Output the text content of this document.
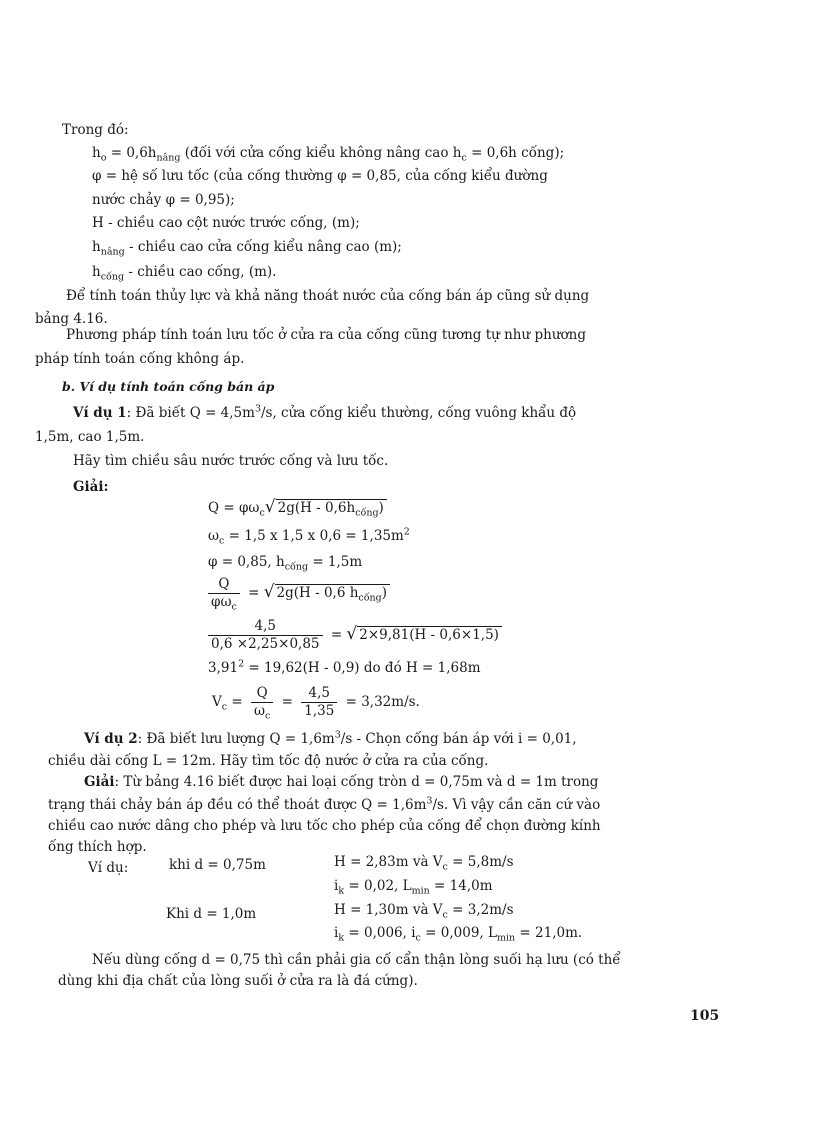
Trong đó:
$h_o = 0,6h_{nâng}$ (đối với cửa cống kiểu không nâng cao $h_c = 0,6h$ cống);
φ = hệ số lưu tốc (của cống thường φ = 0,85, của cống kiểu đường
nước chảy φ = 0,95);
H - chiều cao cột nước trước cống, (m);
$h_{nâng}$ - chiều cao cửa cống kiểu nâng cao (m);
$h_{cống}$ - chiều cao cống, (m).
Để tính toán thủy lực và khả năng thoát nước của cống bán áp cũng sử dụng
bảng 4.16.
Phương pháp tính toán lưu tốc ở cửa ra của cống cũng tương tự như phương
pháp tính toán cống không áp.
b. Ví dụ tính toán cống bán áp
Ví dụ 1: Đã biết $Q = 4,5m^3/s$, cửa cống kiểu thường, cống vuông khẩu độ
1,5m, cao 1,5m.
Hãy tìm chiều sâu nước trước cống và lưu tốc.
Giải:
$Q = \varphi\omega_c√$ $2g(H - 0,6h_{cống})$
$\omega_c = 1,5$ x 1,5 x $0,6 = 1,35m^2$
φ = 0,85, $h_{cống} = 1,5m$
$\frac{Q}{\varphi\omega_c}$ = √ 2g(H - 0,6 $h_{cống}$)
$\frac{4,5}{0,6 \times 2,25\times 0,85}$ = √ 2×9,81(H - 0,6×1,5)
$3,91^2 = 19,62(H - 0,9)$ do đó H = 1,68m
$V_c = \frac{Q}{\omega_c} = \frac{4,5}{1,35} = 3,32m/s$.
Ví dụ 2: Đã biết lưu lượng $Q = 1,6m^3/s$ - Chọn cống bán áp với i = 0,01,
chiều dài cống L = 12m. Hãy tìm tốc độ nước ở cửa ra của cống.
Giải: Từ bảng 4.16 biết được hai loại cống tròn d = 0,75m và d = 1m trong
trạng thái chảy bán áp đều có thể thoát được $Q = 1,6m^3/s$. Vì vậy cần căn cứ vào
chiều cao nước dâng cho phép và lưu tốc cho phép của cống để chọn đường kính
ống thích hợp.
Ví dụ:	khi d = 0,75m	H = 2,83m và $V_c = 5,8m/s$
$i_k = 0,02$, $L_{min} = 14,0m$
Khi d = 1,0m	H = 1,30m và $V_c = 3,2m/s$
$i_k = 0,006$, $i_c = 0,009$, $L_{min} = 21,0m$.
Nếu dùng cống d = 0,75 thì cần phải gia cố cẩn thận lòng suối hạ lưu (có thể
dùng khi địa chất của lòng suối ở cửa ra là đá cứng).
105
